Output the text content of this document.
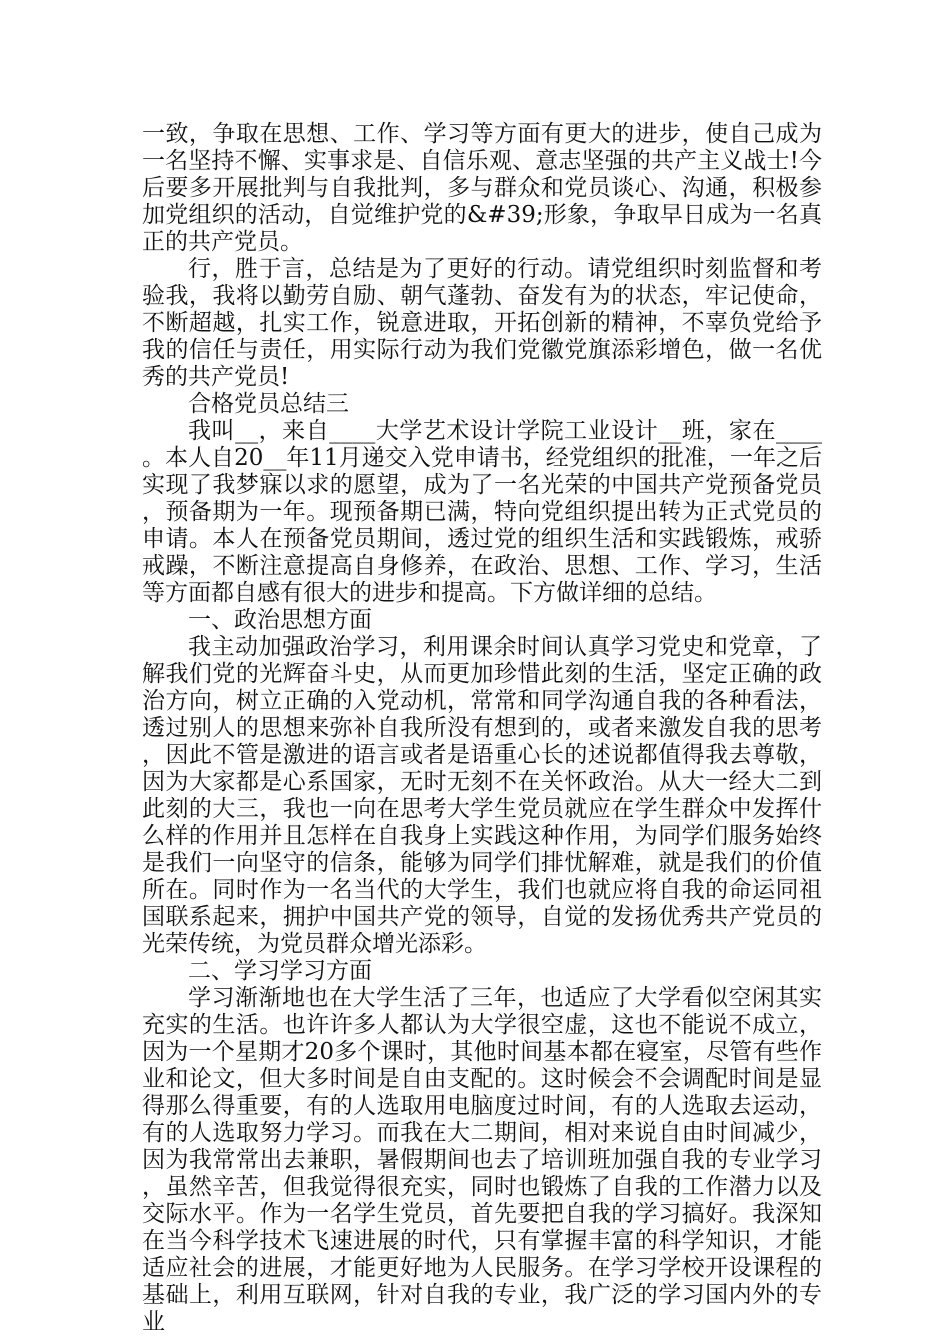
一致，争取在思想、工作、学习等方面有更大的进步，使自己成为一名坚持不懈、实事求是、自信乐观、意志坚强的共产主义战士!今后要多开展批判与自我批判，多与群众和党员谈心、沟通，积极参加党组织的活动，自觉维护党的&#39;形象，争取早日成为一名真正的共产党员。

行，胜于言，总结是为了更好的行动。请党组织时刻监督和考验我，我将以勤劳自励、朝气蓬勃、奋发有为的状态，牢记使命，不断超越，扎实工作，锐意进取，开拓创新的精神，不辜负党给予我的信任与责任，用实际行动为我们党徽党旗添彩增色，做一名优秀的共产党员!

合格党员总结三

我叫__，来自____大学艺术设计学院工业设计__班，家在____。本人自20__年11月递交入党申请书，经党组织的批准，一年之后实现了我梦寐以求的愿望，成为了一名光荣的中国共产党预备党员，预备期为一年。现预备期已满，特向党组织提出转为正式党员的申请。本人在预备党员期间，透过党的组织生活和实践锻炼，戒骄戒躁，不断注意提高自身修养，在政治、思想、工作、学习，生活等方面都自感有很大的进步和提高。下方做详细的总结。

一、政治思想方面

我主动加强政治学习，利用课余时间认真学习党史和党章，了解我们党的光辉奋斗史，从而更加珍惜此刻的生活，坚定正确的政治方向，树立正确的入党动机，常常和同学沟通自我的各种看法，透过别人的思想来弥补自我所没有想到的，或者来激发自我的思考，因此不管是激进的语言或者是语重心长的述说都值得我去尊敬，因为大家都是心系国家，无时无刻不在关怀政治。从大一经大二到此刻的大三，我也一向在思考大学生党员就应在学生群众中发挥什么样的作用并且怎样在自我身上实践这种作用，为同学们服务始终是我们一向坚守的信条，能够为同学们排忧解难，就是我们的价值所在。同时作为一名当代的大学生，我们也就应将自我的命运同祖国联系起来，拥护中国共产党的领导，自觉的发扬优秀共产党员的光荣传统，为党员群众增光添彩。

二、学习学习方面

学习渐渐地也在大学生活了三年，也适应了大学看似空闲其实充实的生活。也许许多人都认为大学很空虚，这也不能说不成立，因为一个星期才20多个课时，其他时间基本都在寝室，尽管有些作业和论文，但大多时间是自由支配的。这时候会不会调配时间是显得那么得重要，有的人选取用电脑度过时间，有的人选取去运动，有的人选取努力学习。而我在大二期间，相对来说自由时间减少，因为我常常出去兼职，暑假期间也去了培训班加强自我的专业学习，虽然辛苦，但我觉得很充实，同时也锻炼了自我的工作潜力以及交际水平。作为一名学生党员，首先要把自我的学习搞好。我深知在当今科学技术飞速进展的时代，只有掌握丰富的科学知识，才能适应社会的进展，才能更好地为人民服务。在学习学校开设课程的基础上，利用互联网，针对自我的专业，我广泛的学习国内外的专业
